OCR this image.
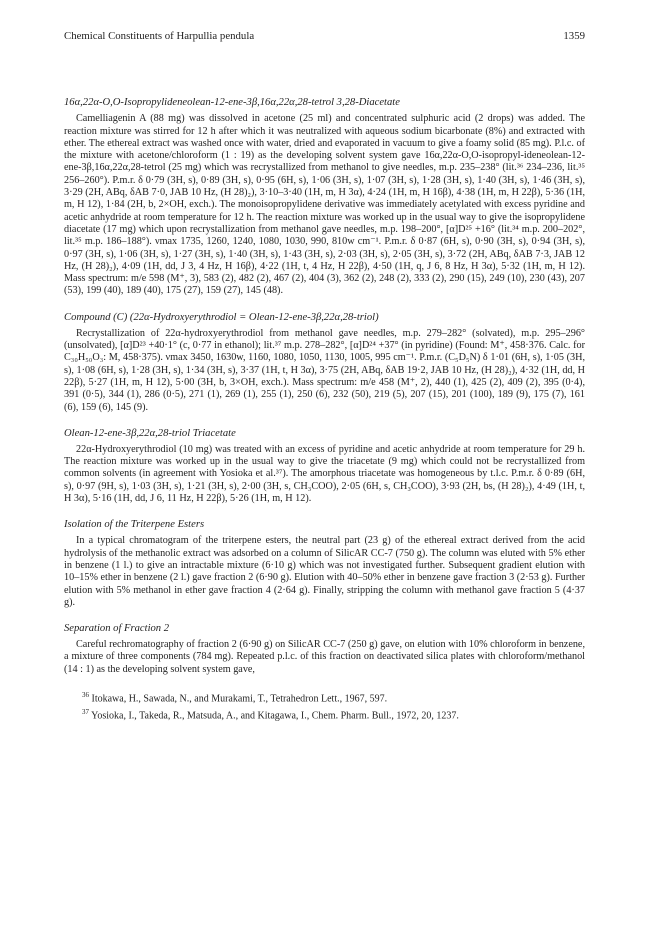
Chemical Constituents of Harpullia pendula	1359
16α,22α-O,O-Isopropylideneolean-12-ene-3β,16α,22α,28-tetrol 3,28-Diacetate

Camelliagenin A (88 mg) was dissolved in acetone (25 ml) and concentrated sulphuric acid (2 drops) was added. The reaction mixture was stirred for 12 h after which it was neutralized with aqueous sodium bicarbonate (8%) and extracted with ether. The ethereal extract was washed once with water, dried and evaporated in vacuum to give a foamy solid (85 mg). P.l.c. of the mixture with acetone/chloroform (1 : 19) as the developing solvent system gave 16α,22α-O,O-isopropyl-ideneolean-12-ene-3β,16α,22α,28-tetrol (25 mg) which was recrystallized from methanol to give needles, m.p. 235–238° (lit.³⁶ 234–236, lit.³⁵ 256–260°). P.m.r. δ 0·79 (3H, s), 0·89 (3H, s), 0·95 (6H, s), 1·06 (3H, s), 1·07 (3H, s), 1·28 (3H, s), 1·40 (3H, s), 1·46 (3H, s), 3·29 (2H, ABq, δAB 7·0, JAB 10 Hz, (H 28)₂), 3·10–3·40 (1H, m, H 3α), 4·24 (1H, m, H 16β), 4·38 (1H, m, H 22β), 5·36 (1H, m, H 12), 1·84 (2H, b, 2×OH, exch.). The monoisopropylidene derivative was immediately acetylated with excess pyridine and acetic anhydride at room temperature for 12 h. The reaction mixture was worked up in the usual way to give the isopropylidene diacetate (17 mg) which upon recrystallization from methanol gave needles, m.p. 198–200°, [α]D²⁵ +16° (lit.³⁴ m.p. 200–202°, lit.³⁵ m.p. 186–188°). νmax 1735, 1260, 1240, 1080, 1030, 990, 810w cm⁻¹. P.m.r. δ 0·87 (6H, s), 0·90 (3H, s), 0·94 (3H, s), 0·97 (3H, s), 1·06 (3H, s), 1·27 (3H, s), 1·40 (3H, s), 1·43 (3H, s), 2·03 (3H, s), 2·05 (3H, s), 3·72 (2H, ABq, δAB 7·3, JAB 12 Hz, (H 28)₂), 4·09 (1H, dd, J 3, 4 Hz, H 16β), 4·22 (1H, t, 4 Hz, H 22β), 4·50 (1H, q, J 6, 8 Hz, H 3α), 5·32 (1H, m, H 12). Mass spectrum: m/e 598 (M⁺, 3), 583 (2), 482 (2), 467 (2), 404 (3), 362 (2), 248 (2), 333 (2), 290 (15), 249 (10), 230 (43), 207 (53), 199 (40), 189 (40), 175 (27), 159 (27), 145 (48).

Compound (C) (22α-Hydroxyerythrodiol = Olean-12-ene-3β,22α,28-triol)

Recrystallization of 22α-hydroxyerythrodiol from methanol gave needles, m.p. 279–282° (solvated), m.p. 295–296° (unsolvated), [α]D²³ +40·1° (c, 0·77 in ethanol); lit.³⁷ m.p. 278–282°, [α]D²⁴ +37° (in pyridine) (Found: M⁺, 458·376. Calc. for C₃₀H₅₀O₃: M, 458·375). νmax 3450, 1630w, 1160, 1080, 1050, 1130, 1005, 995 cm⁻¹. P.m.r. (C₅D₅N) δ 1·01 (6H, s), 1·05 (3H, s), 1·08 (6H, s), 1·28 (3H, s), 1·34 (3H, s), 3·37 (1H, t, H 3α), 3·75 (2H, ABq, δAB 19·2, JAB 10 Hz, (H 28)₂), 4·32 (1H, dd, H 22β), 5·27 (1H, m, H 12), 5·00 (3H, b, 3×OH, exch.). Mass spectrum: m/e 458 (M⁺, 2), 440 (1), 425 (2), 409 (2), 395 (0·4), 391 (0·5), 344 (1), 286 (0·5), 271 (1), 269 (1), 255 (1), 250 (6), 232 (50), 219 (5), 207 (15), 201 (100), 189 (9), 175 (7), 161 (6), 159 (6), 145 (9).

Olean-12-ene-3β,22α,28-triol Triacetate

22α-Hydroxyerythrodiol (10 mg) was treated with an excess of pyridine and acetic anhydride at room temperature for 29 h. The reaction mixture was worked up in the usual way to give the triacetate (9 mg) which could not be recrystallized from common solvents (in agreement with Yosioka et al.³⁷). The amorphous triacetate was homogeneous by t.l.c. P.m.r. δ 0·89 (6H, s), 0·97 (9H, s), 1·03 (3H, s), 1·21 (3H, s), 2·00 (3H, s, CH₃COO), 2·05 (6H, s, CH₃COO), 3·93 (2H, bs, (H 28)₂), 4·49 (1H, t, H 3α), 5·16 (1H, dd, J 6, 11 Hz, H 22β), 5·26 (1H, m, H 12).

Isolation of the Triterpene Esters

In a typical chromatogram of the triterpene esters, the neutral part (23 g) of the ethereal extract derived from the acid hydrolysis of the methanolic extract was adsorbed on a column of SilicAR CC-7 (750 g). The column was eluted with 5% ether in benzene (1 l.) to give an intractable mixture (6·10 g) which was not investigated further. Subsequent gradient elution with 10–15% ether in benzene (2 l.) gave fraction 2 (6·90 g). Elution with 40–50% ether in benzene gave fraction 3 (2·53 g). Further elution with 5% methanol in ether gave fraction 4 (2·64 g). Finally, stripping the column with methanol gave fraction 5 (4·37 g).

Separation of Fraction 2

Careful rechromatography of fraction 2 (6·90 g) on SilicAR CC-7 (250 g) gave, on elution with 10% chloroform in benzene, a mixture of three components (784 mg). Repeated p.l.c. of this fraction on deactivated silica plates with chloroform/methanol (14 : 1) as the developing solvent system gave,

$^{36}$ Itokawa, H., Sawada, N., and Murakami, T., Tetrahedron Lett., 1967, 597.
$^{37}$ Yosioka, I., Takeda, R., Matsuda, A., and Kitagawa, I., Chem. Pharm. Bull., 1972, 20, 1237.
